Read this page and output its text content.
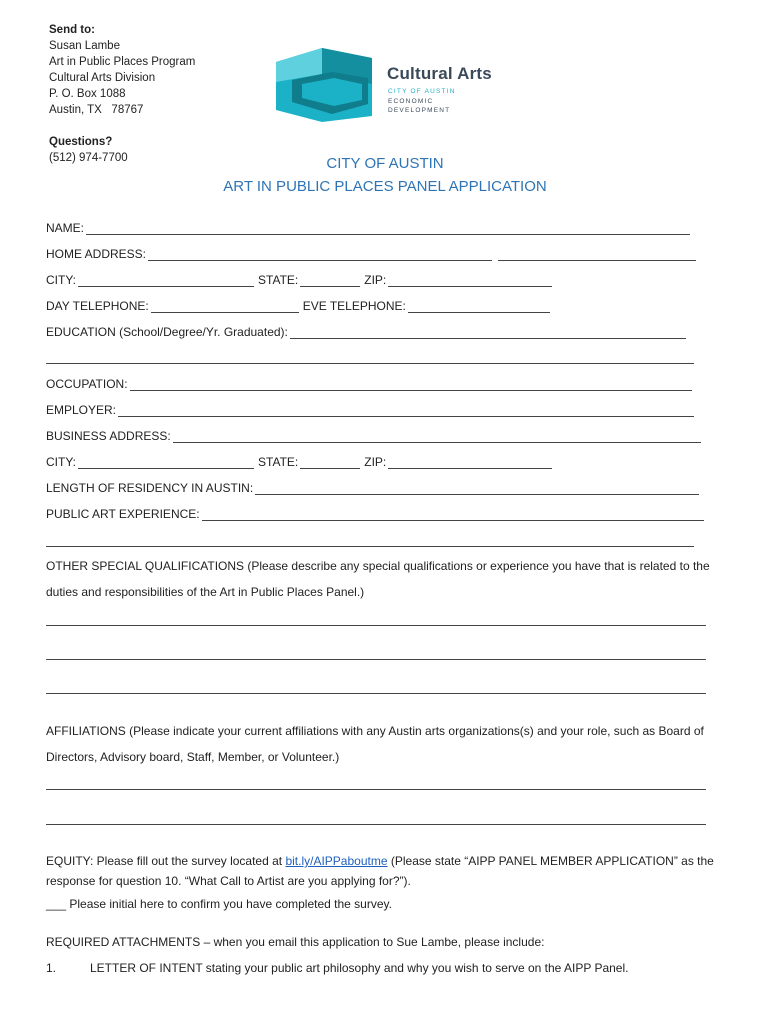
Send to:
Susan Lambe
Art in Public Places Program
Cultural Arts Division
P. O. Box 1088
Austin, TX   78767
Questions?
(512) 974-7700
Cultural Arts
CITY OF AUSTIN
ECONOMIC
DEVELOPMENT
CITY OF AUSTIN
ART IN PUBLIC PLACES PANEL APPLICATION
NAME:
HOME ADDRESS:
CITY:	STATE:	ZIP:
DAY TELEPHONE:	EVE TELEPHONE:
EDUCATION (School/Degree/Yr. Graduated):
OCCUPATION:
EMPLOYER:
BUSINESS ADDRESS:
CITY:	STATE:	ZIP:
LENGTH OF RESIDENCY IN AUSTIN:
PUBLIC ART EXPERIENCE:
OTHER SPECIAL QUALIFICATIONS (Please describe any special qualifications or experience you have that is related to the duties and responsibilities of the Art in Public Places Panel.)
AFFILIATIONS (Please indicate your current affiliations with any Austin arts organizations(s) and your role, such as Board of Directors, Advisory board, Staff, Member, or Volunteer.)
EQUITY: Please fill out the survey located at bit.ly/AIPPaboutme (Please state “AIPP PANEL MEMBER APPLICATION” as the response for question 10. “What Call to Artist are you applying for?”).
___ Please initial here to confirm you have completed the survey.
REQUIRED ATTACHMENTS – when you email this application to Sue Lambe, please include:
1.	LETTER OF INTENT stating your public art philosophy and why you wish to serve on the AIPP Panel.
